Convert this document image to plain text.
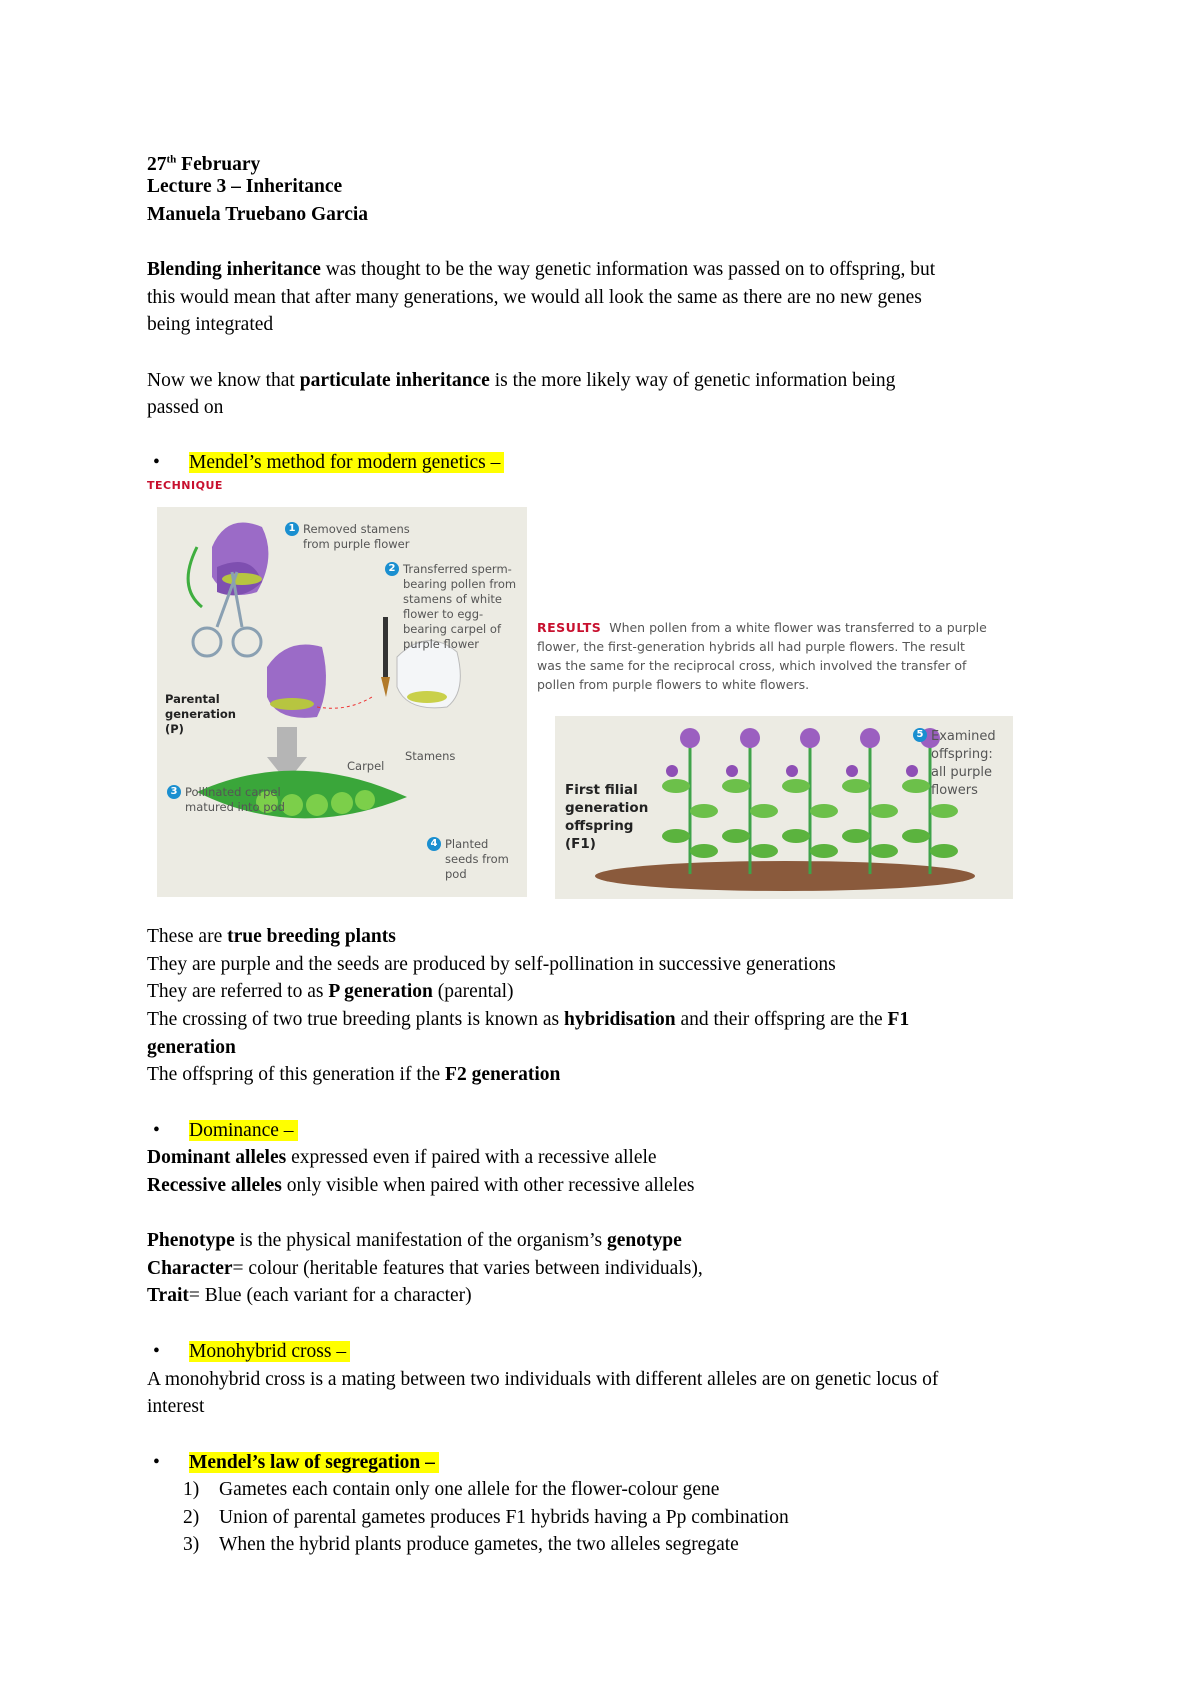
27th February
Lecture 3 – Inheritance
Manuela Truebano Garcia
Blending inheritance was thought to be the way genetic information was passed on to offspring, but
this would mean that after many generations, we would all look the same as there are no new genes
being integrated
Now we know that particulate inheritance is the more likely way of genetic information being
passed on
• Mendel’s method for modern genetics –
TECHNIQUE
1 Removed stamens
from purple flower
2 Transferred sperm-
bearing pollen from
stamens of white
flower to egg-
bearing carpel of
purple flower
Parental
generation
(P)
Carpel
Stamens
3 Pollinated carpel
matured into pod
4 Planted
seeds from
pod
RESULTS When pollen from a white flower was transferred to a purple
flower, the first-generation hybrids all had purple flowers. The result
was the same for the reciprocal cross, which involved the transfer of
pollen from purple flowers to white flowers.
First filial
generation
offspring
(F1)
5 Examined
offspring:
all purple
flowers
These are true breeding plants
They are purple and the seeds are produced by self-pollination in successive generations
They are referred to as P generation (parental)
The crossing of two true breeding plants is known as hybridisation and their offspring are the F1
generation
The offspring of this generation if the F2 generation
• Dominance –
Dominant alleles expressed even if paired with a recessive allele
Recessive alleles only visible when paired with other recessive alleles
Phenotype is the physical manifestation of the organism’s genotype
Character= colour (heritable features that varies between individuals),
Trait= Blue (each variant for a character)
• Monohybrid cross –
A monohybrid cross is a mating between two individuals with different alleles are on genetic locus of
interest
• Mendel’s law of segregation –
1) Gametes each contain only one allele for the flower-colour gene
2) Union of parental gametes produces F1 hybrids having a Pp combination
3) When the hybrid plants produce gametes, the two alleles segregate
